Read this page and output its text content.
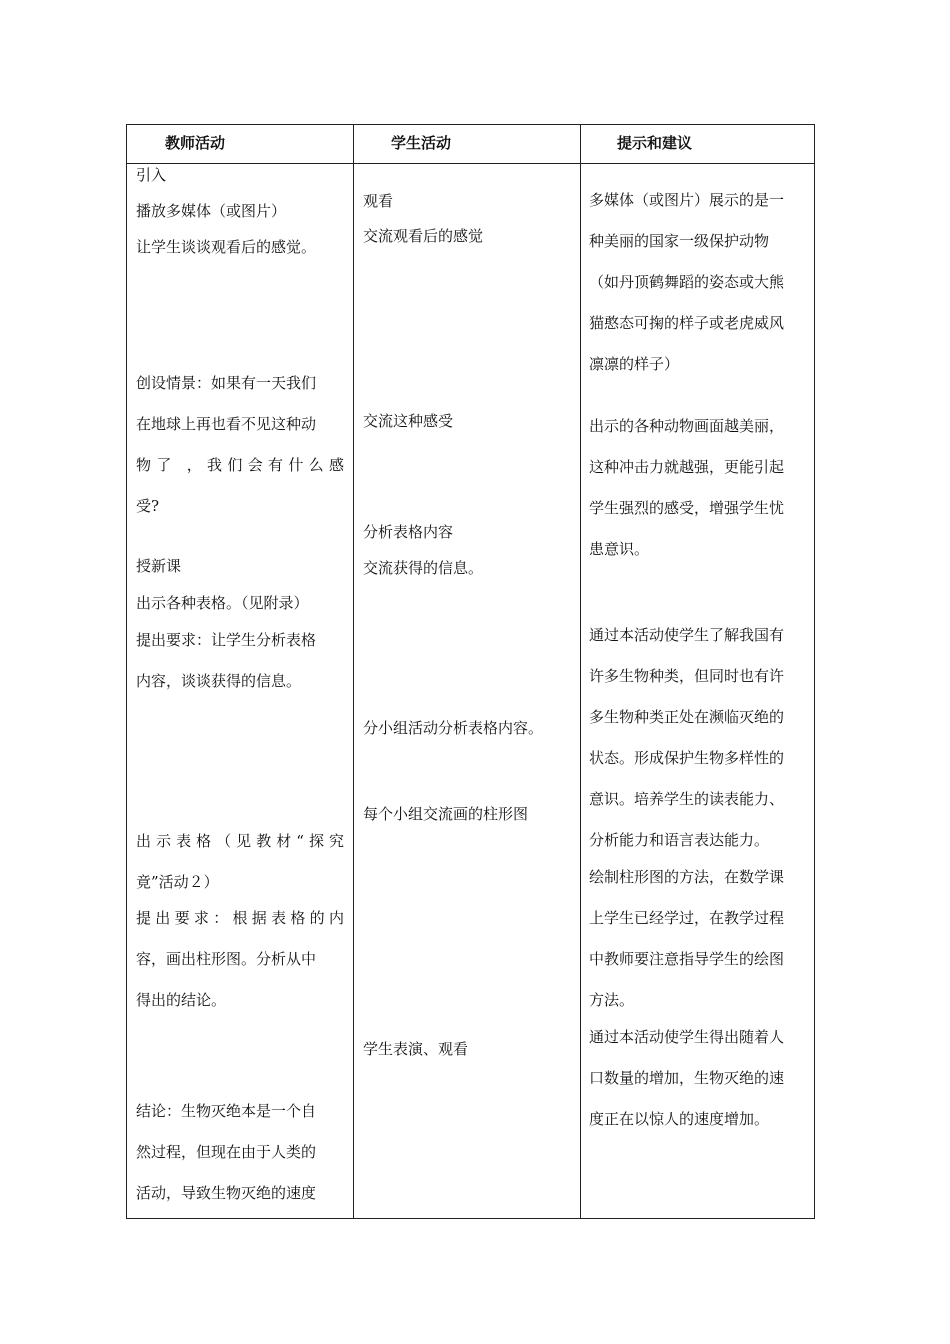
教师活动	学生活动	提示和建议
引入
播放多媒体（或图片）
让学生谈谈观看后的感觉。
创设情景：如果有一天我们
在地球上再也看不见这种动
物了 ，我们会有什么感
受?
授新课
出示各种表格。（见附录）
提出要求：让学生分析表格
内容，谈谈获得的信息。
出示表格（见教材“探究
竟”活动２）
提出要求：根据表格的内
容，画出柱形图。分析从中
得出的结论。
结论：生物灭绝本是一个自
然过程，但现在由于人类的
活动，导致生物灭绝的速度
观看
交流观看后的感觉
交流这种感受
分析表格内容
交流获得的信息。
分小组活动分析表格内容。
每个小组交流画的柱形图
学生表演、观看
多媒体（或图片）展示的是一
种美丽的国家一级保护动物
（如丹顶鹤舞蹈的姿态或大熊
猫憨态可掬的样子或老虎威风
凛凛的样子）
出示的各种动物画面越美丽，
这种冲击力就越强，更能引起
学生强烈的感受，增强学生忧
患意识。
通过本活动使学生了解我国有
许多生物种类，但同时也有许
多生物种类正处在濒临灭绝的
状态。形成保护生物多样性的
意识。培养学生的读表能力、
分析能力和语言表达能力。
绘制柱形图的方法，在数学课
上学生已经学过，在教学过程
中教师要注意指导学生的绘图
方法。
通过本活动使学生得出随着人
口数量的增加，生物灭绝的速
度正在以惊人的速度增加。
